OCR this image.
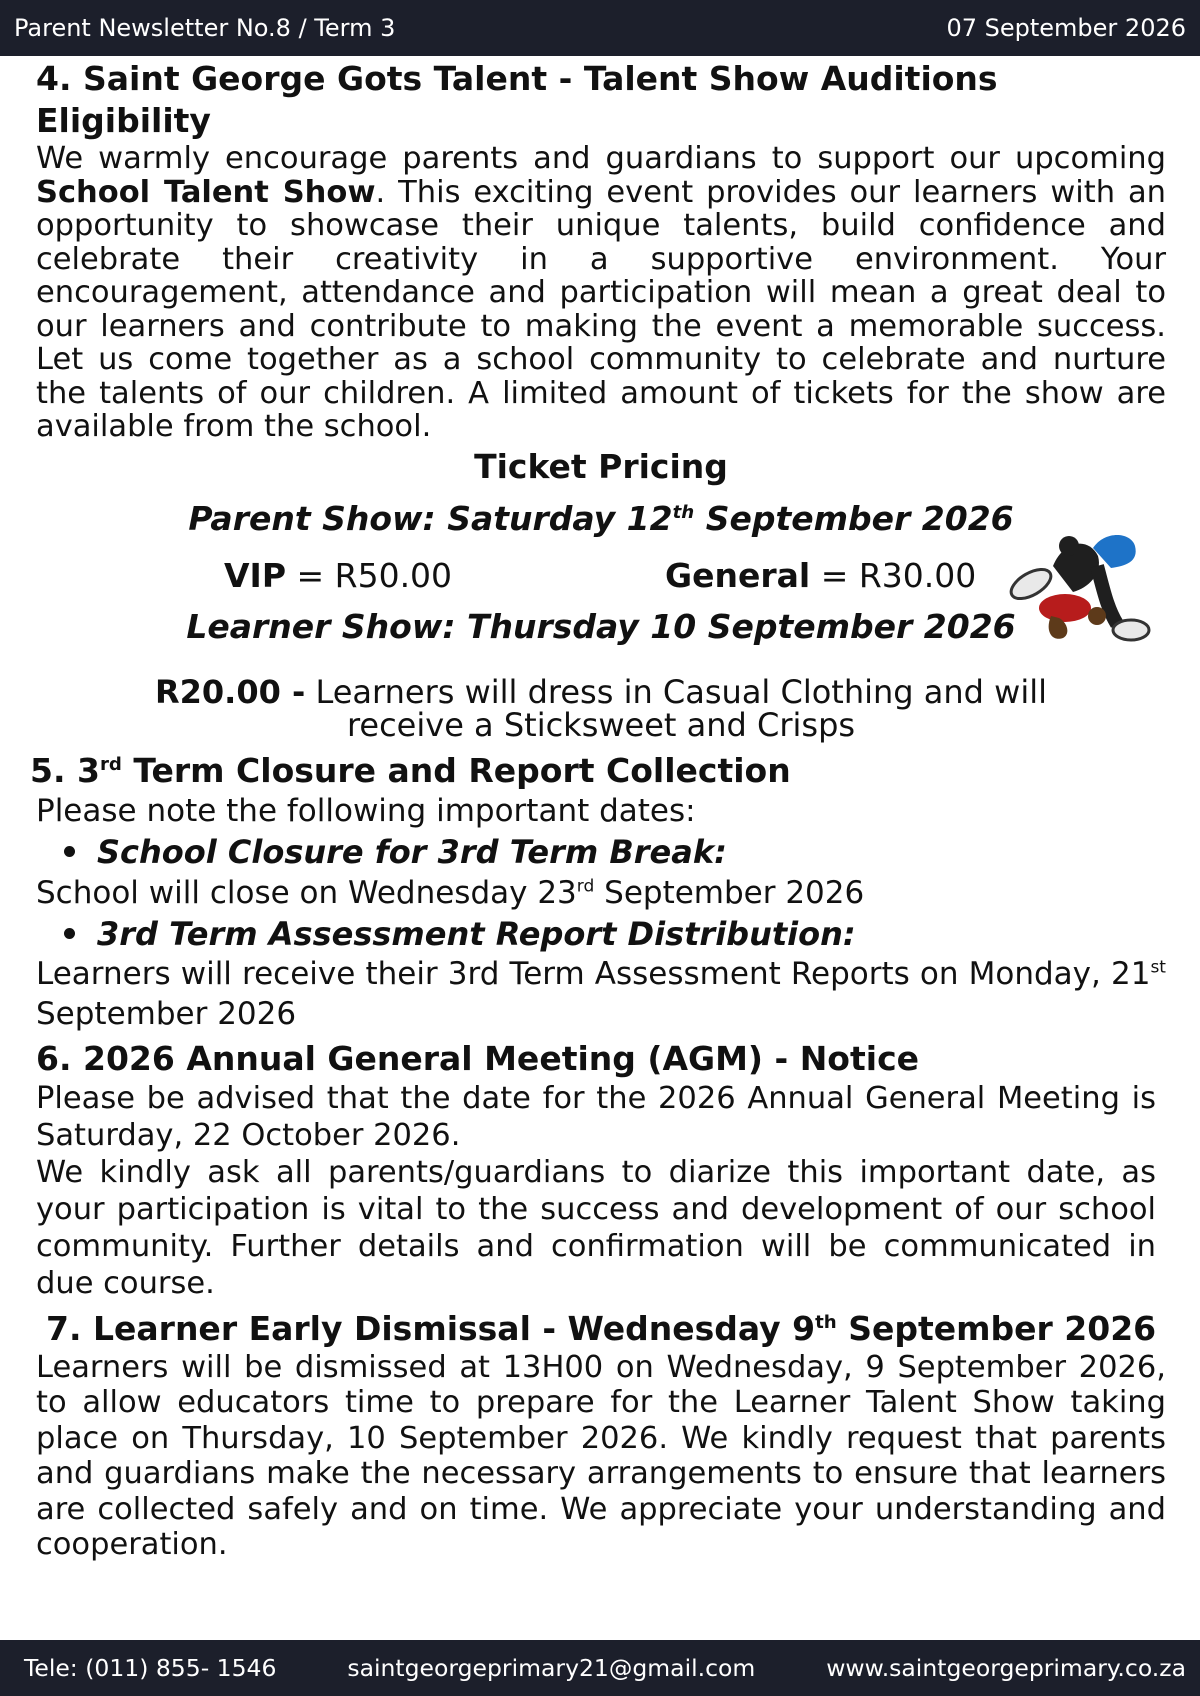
Parent Newsletter No.8 / Term 3	07 September 2026
4. Saint George Gots Talent - Talent Show Auditions Eligibility

We warmly encourage parents and guardians to support our upcoming School Talent Show. This exciting event provides our learners with an opportunity to showcase their unique talents, build confidence and celebrate their creativity in a supportive environment. Your encouragement, attendance and participation will mean a great deal to our learners and contribute to making the event a memorable success. Let us come together as a school community to celebrate and nurture the talents of our children. A limited amount of tickets for the show are available from the school.

Ticket Pricing
Parent Show: Saturday 12th September 2026
VIP = R50.00	General = R30.00
Learner Show: Thursday 10 September 2026
R20.00 - Learners will dress in Casual Clothing and will
receive a Sticksweet and Crisps
5. 3rd Term Closure and Report Collection

Please note the following important dates:

School Closure for 3rd Term Break:

School will close on Wednesday 23rd September 2026

3rd Term Assessment Report Distribution:

Learners will receive their 3rd Term Assessment Reports on Monday, 21st September 2026

6. 2026 Annual General Meeting (AGM) - Notice

Please be advised that the date for the 2026 Annual General Meeting is Saturday, 22 October 2026.

We kindly ask all parents/guardians to diarize this important date, as your participation is vital to the success and development of our school community. Further details and confirmation will be communicated in due course.

7. Learner Early Dismissal - Wednesday 9th September 2026

Learners will be dismissed at 13H00 on Wednesday, 9 September 2026, to allow educators time to prepare for the Learner Talent Show taking place on Thursday, 10 September 2026. We kindly request that parents and guardians make the necessary arrangements to ensure that learners are collected safely and on time. We appreciate your understanding and cooperation.

Tele: (011) 855- 1546	saintgeorgeprimary21@gmail.com	www.saintgeorgeprimary.co.za
